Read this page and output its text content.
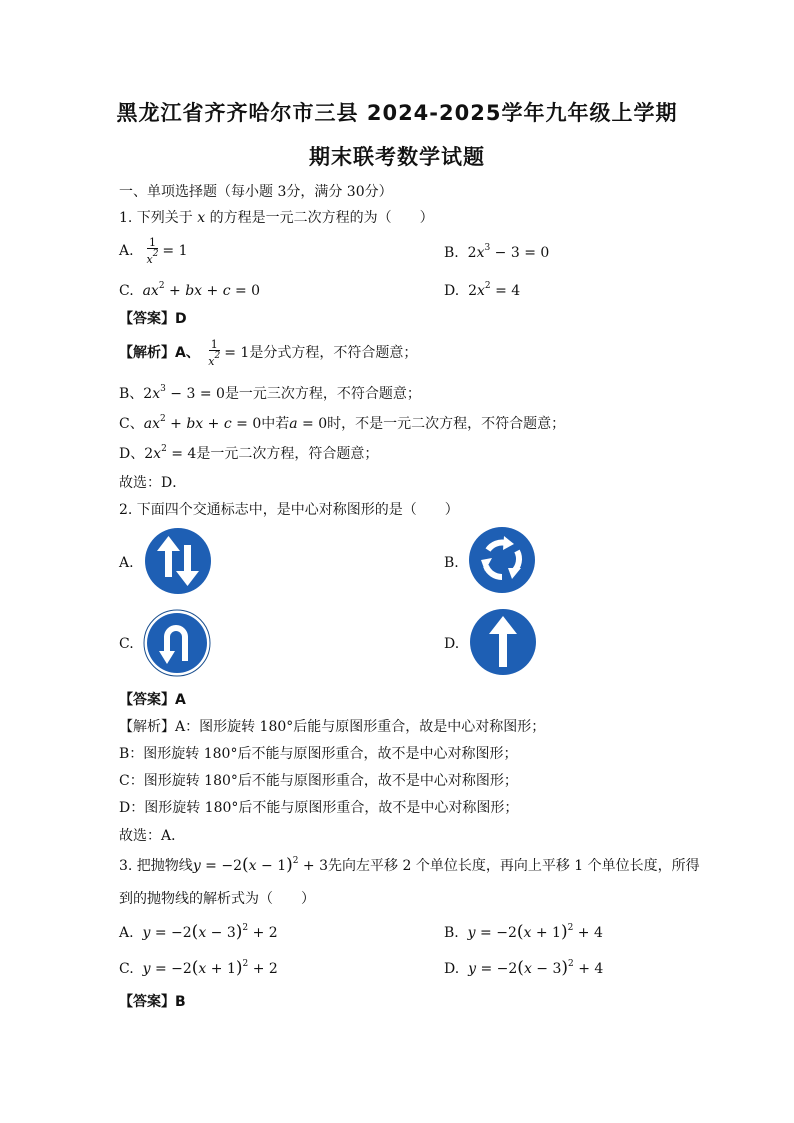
黑龙江省齐齐哈尔市三县 2024-2025学年九年级上学期
期末联考数学试题
一、单项选择题（每小题 3分，满分 30分）
1. 下列关于 x 的方程是一元二次方程的为（　　）
A. $\frac{1}{x^2} = 1$	B. $2x^3 - 3 = 0$
C. $ax^2$ + bx + c = 0	D. $2x^2 = 4$
【答案】D
【解析】A、 $\frac{1}{x^2} = 1$是分式方程，不符合题意；
B、$2x^3 - 3 = 0$是一元三次方程，不符合题意；
C、$ax^2$ + bx + c = 0中若a = 0时，不是一元二次方程，不符合题意；
D、$2x^2 = 4$是一元二次方程，符合题意；
故选：D．
2. 下面四个交通标志中，是中心对称图形的是（　　）
A.	B.
C.	D.
【答案】A
【解析】A：图形旋转 180°后能与原图形重合，故是中心对称图形；
B：图形旋转 180°后不能与原图形重合，故不是中心对称图形；
C：图形旋转 180°后不能与原图形重合，故不是中心对称图形；
D：图形旋转 180°后不能与原图形重合，故不是中心对称图形；
故选：A．
3. 把抛物线$y = -2(x - 1)^2 + 3$先向左平移 2 个单位长度，再向上平移 1 个单位长度，所得
到的抛物线的解析式为（　　）
A. $y = -2(x - 3)^2 + 2$	B. $y = -2(x + 1)^2 + 4$
C. $y = -2(x + 1)^2 + 2$	D. $y = -2(x - 3)^2 + 4$
【答案】B
